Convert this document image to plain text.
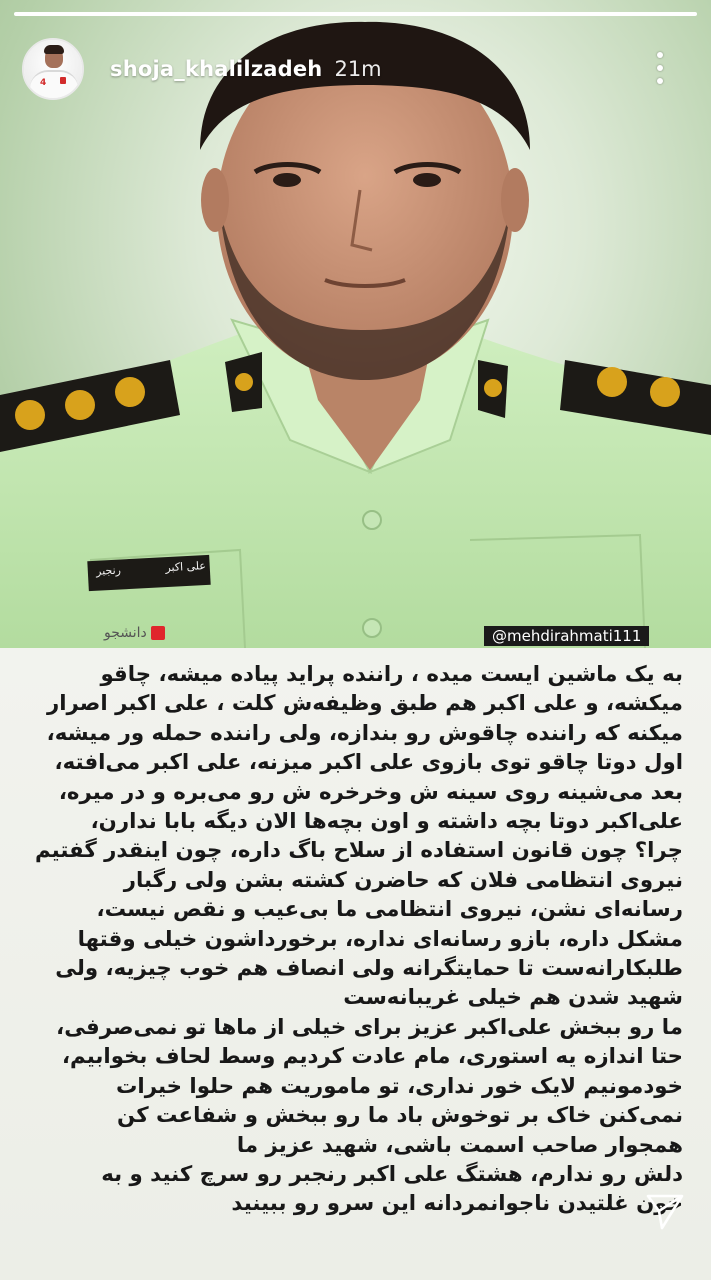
علی اکبر
رنجبر
دانشجو	@mehdirahmati111
به یک ماشین ایست میده ، راننده پراید پیاده میشه، چاقو
میکشه، و علی اکبر هم طبق وظیفه‌ش کلت ، علی اکبر اصرار
میکنه که راننده چاقوش رو بندازه، ولی راننده حمله ور میشه،
اول دوتا چاقو توی بازوی علی اکبر میزنه، علی اکبر می‌افته،
بعد می‌شینه روی سینه ش وخرخره ش رو می‌بره و در میره،
علی‌اکبر دوتا بچه داشته و اون بچه‌ها الان دیگه بابا ندارن،
چرا؟ چون قانون استفاده از سلاح باگ داره، چون اینقدر گفتیم
نیروی انتظامی فلان که حاضرن کشته بشن ولی رگبار
رسانه‌ای نشن، نیروی انتظامی ما بی‌عیب و نقص نیست،
مشکل داره، بازو رسانه‌ای نداره، برخورداشون خیلی وقتها
طلبکارانه‌ست تا حمایتگرانه ولی انصاف هم خوب چیزیه، ولی
شهید شدن هم خیلی غریبانه‌ست
ما رو ببخش علی‌اکبر عزیز برای خیلی از ماها تو نمی‌صرفی،
حتا اندازه یه استوری، مام عادت کردیم وسط لحاف بخوابیم،
خودمونیم لایک خور نداری، تو ماموریت هم حلوا خیرات
نمی‌کنن خاک بر توخوش باد ما رو ببخش و شفاعت کن
همجوار صاحب اسمت باشی، شهید عزیز ما
دلش رو ندارم، هشتگ علی اکبر رنجبر رو سرچ کنید و به
خون غلتیدن ناجوانمردانه این سرو رو ببینید
4
shoja_khalilzadeh 21m
